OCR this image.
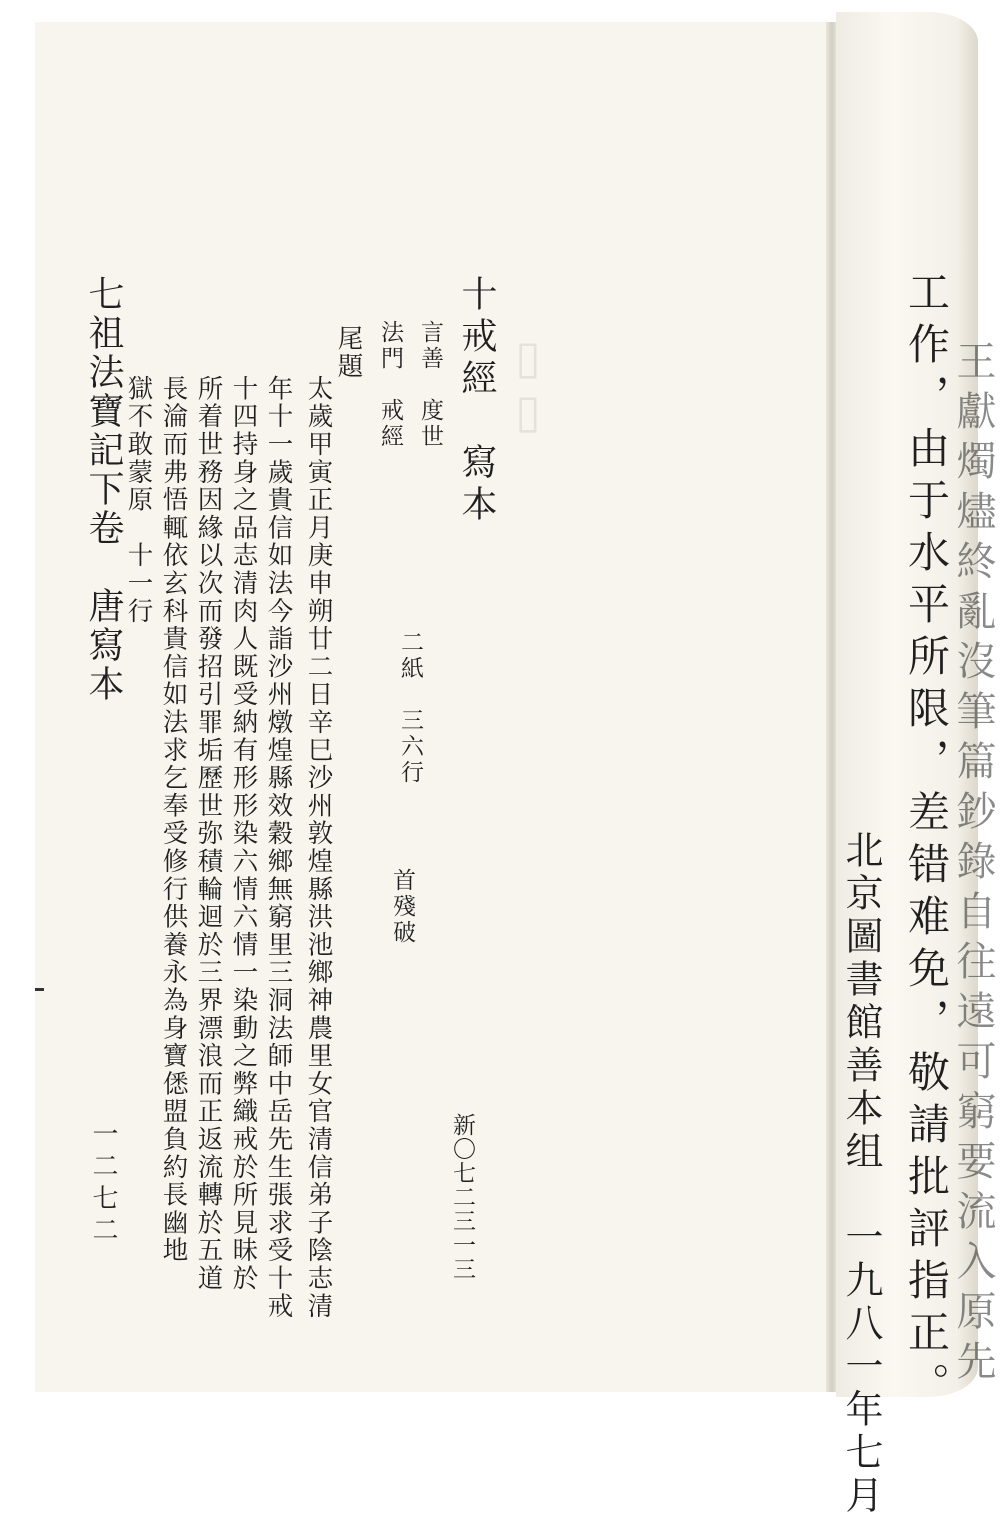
▯▯
十戒經　寫本
言善　度世
法門　戒經
二紙　三六行
首殘破
新〇七二三一三
尾題
太歲甲寅正月庚申朔廿二日辛巳沙州敦煌縣洪池鄉神農里女官清信弟子陰志清
年十一歲貴信如法今詣沙州燉煌縣效穀鄉無窮里三洞法師中岳先生張求受十戒
十四持身之品志清肉人既受納有形形染六情六情一染動之弊織戒於所見昧於
所着世務因緣以次而發招引罪垢歷世弥積輪迴於三界漂浪而正返流轉於五道
長淪而弗悟輒依玄科貴信如法求乞奉受修行供養永為身寶僁盟負約長幽地
獄不敢蒙原　十一行
七祖法寶記下卷　唐寫本
一二七二	工作，由于水平所限，差错难免，敬請批評指正。
北京圖書館善本组　一九八一年七月 王獻燭燼終亂沒筆篇鈔錄自往遠可窮要流入原先
